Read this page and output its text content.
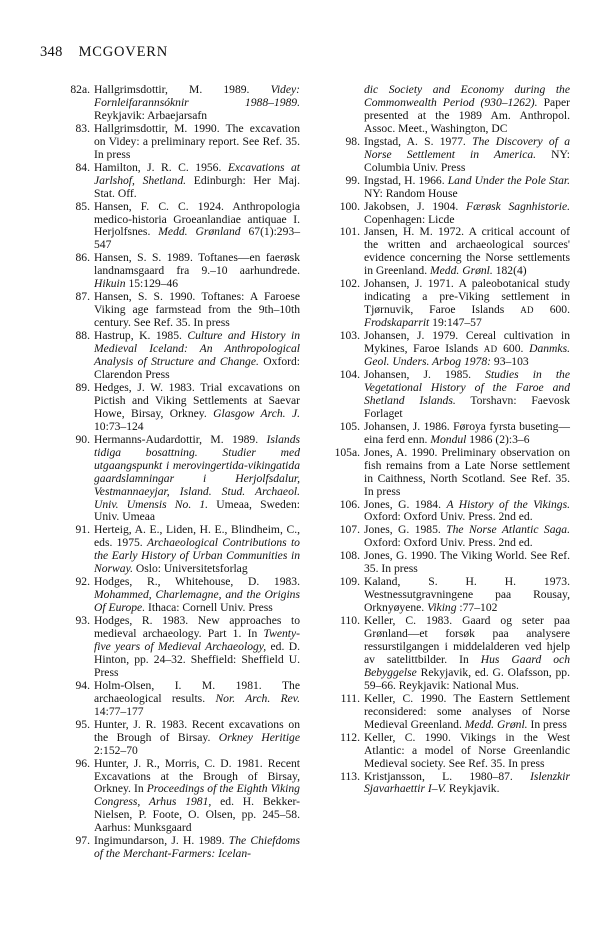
348 MCGOVERN
82a. Hallgrimsdottir, M. 1989. Videy: Fornleifarannsóknir 1988–1989. Reykjavik: Arbaejarsafn
83. Hallgrimsdottir, M. 1990. The excavation on Videy: a preliminary report. See Ref. 35. In press
84. Hamilton, J. R. C. 1956. Excavations at Jarlshof, Shetland. Edinburgh: Her Maj. Stat. Off.
85. Hansen, F. C. C. 1924. Anthropologia medico-historia Groeanlandiae antiquae I. Herjolfsnes. Medd. Grønland 67(1):293–547
86. Hansen, S. S. 1989. Toftanes—en faerøsk landnamsgaard fra 9.–10 aarhundrede. Hikuin 15:129–46
87. Hansen, S. S. 1990. Toftanes: A Faroese Viking age farmstead from the 9th–10th century. See Ref. 35. In press
88. Hastrup, K. 1985. Culture and History in Medieval Iceland: An Anthropological Analysis of Structure and Change. Oxford: Clarendon Press
89. Hedges, J. W. 1983. Trial excavations on Pictish and Viking Settlements at Saevar Howe, Birsay, Orkney. Glasgow Arch. J. 10:73–124
90. Hermanns-Audardottir, M. 1989. Islands tidiga bosattning. Studier med utgaangspunkt i merovingertida-vikingatida gaardslamningar i Herjolfsdalur, Vestmannaeyjar, Island. Stud. Archaeol. Univ. Umensis No. 1. Umeaa, Sweden: Univ. Umeaa
91. Herteig, A. E., Liden, H. E., Blindheim, C., eds. 1975. Archaeological Contributions to the Early History of Urban Communities in Norway. Oslo: Universitetsforlag
92. Hodges, R., Whitehouse, D. 1983. Mohammed, Charlemagne, and the Origins Of Europe. Ithaca: Cornell Univ. Press
93. Hodges, R. 1983. New approaches to medieval archaeology. Part 1. In Twenty-five years of Medieval Archaeology, ed. D. Hinton, pp. 24–32. Sheffield: Sheffield U. Press
94. Holm-Olsen, I. M. 1981. The archaeological results. Nor. Arch. Rev. 14:77–177
95. Hunter, J. R. 1983. Recent excavations on the Brough of Birsay. Orkney Heritige 2:152–70
96. Hunter, J. R., Morris, C. D. 1981. Recent Excavations at the Brough of Birsay, Orkney. In Proceedings of the Eighth Viking Congress, Arhus 1981, ed. H. Bekker-Nielsen, P. Foote, O. Olsen, pp. 245–58. Aarhus: Munksgaard
97. Ingimundarson, J. H. 1989. The Chiefdoms of the Merchant-Farmers: Icelan-
dic Society and Economy during the Commonwealth Period (930–1262). Paper presented at the 1989 Am. Anthropol. Assoc. Meet., Washington, DC
98. Ingstad, A. S. 1977. The Discovery of a Norse Settlement in America. NY: Columbia Univ. Press
99. Ingstad, H. 1966. Land Under the Pole Star. NY: Random House
100. Jakobsen, J. 1904. Færøsk Sagnhistorie. Copenhagen: Licde
101. Jansen, H. M. 1972. A critical account of the written and archaeological sources' evidence concerning the Norse settlements in Greenland. Medd. Grønl. 182(4)
102. Johansen, J. 1971. A paleobotanical study indicating a pre-Viking settlement in Tjørnuvik, Faroe Islands AD 600. Frodskaparrit 19:147–57
103. Johansen, J. 1979. Cereal cultivation in Mykines, Faroe Islands AD 600. Danmks. Geol. Unders. Arbog 1978: 93–103
104. Johansen, J. 1985. Studies in the Vegetational History of the Faroe and Shetland Islands. Torshavn: Faevosk Forlaget
105. Johansen, J. 1986. Føroya fyrsta buseting—eina ferd enn. Mondul 1986 (2):3–6
105a. Jones, A. 1990. Preliminary observation on fish remains from a Late Norse settlement in Caithness, North Scotland. See Ref. 35. In press
106. Jones, G. 1984. A History of the Vikings. Oxford: Oxford Univ. Press. 2nd ed.
107. Jones, G. 1985. The Norse Atlantic Saga. Oxford: Oxford Univ. Press. 2nd ed.
108. Jones, G. 1990. The Viking World. See Ref. 35. In press
109. Kaland, S. H. H. 1973. Westnessutgravningene paa Rousay, Orknyøyene. Viking :77–102
110. Keller, C. 1983. Gaard og seter paa Grønland—et forsøk paa analysere ressurstilgangen i middelalderen ved hjelp av satelittbilder. In Hus Gaard och Bebyggelse Rekyjavik, ed. G. Olafsson, pp. 59–66. Reykjavik: National Mus.
111. Keller, C. 1990. The Eastern Settlement reconsidered: some analyses of Norse Medieval Greenland. Medd. Grønl. In press
112. Keller, C. 1990. Vikings in the West Atlantic: a model of Norse Greenlandic Medieval society. See Ref. 35. In press
113. Kristjansson, L. 1980–87. Islenzkir Sjavarhaettir I–V. Reykjavik.
